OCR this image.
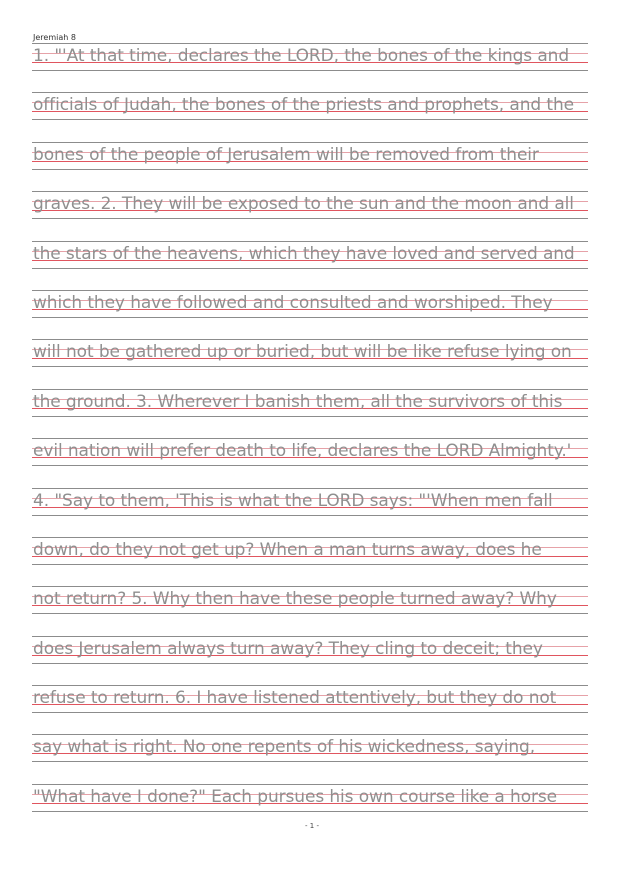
Jeremiah 8
1. "'At that time, declares the LORD, the bones of the kings and
officials of Judah, the bones of the priests and prophets, and the
bones of the people of Jerusalem will be removed from their
graves. 2. They will be exposed to the sun and the moon and all
the stars of the heavens, which they have loved and served and
which they have followed and consulted and worshiped. They
will not be gathered up or buried, but will be like refuse lying on
the ground. 3. Wherever I banish them, all the survivors of this
evil nation will prefer death to life, declares the LORD Almighty.'
4. "Say to them, 'This is what the LORD says: "'When men fall
down, do they not get up? When a man turns away, does he
not return? 5. Why then have these people turned away? Why
does Jerusalem always turn away? They cling to deceit; they
refuse to return. 6. I have listened attentively, but they do not
say what is right. No one repents of his wickedness, saying,
"What have I done?" Each pursues his own course like a horse
- 1 -
